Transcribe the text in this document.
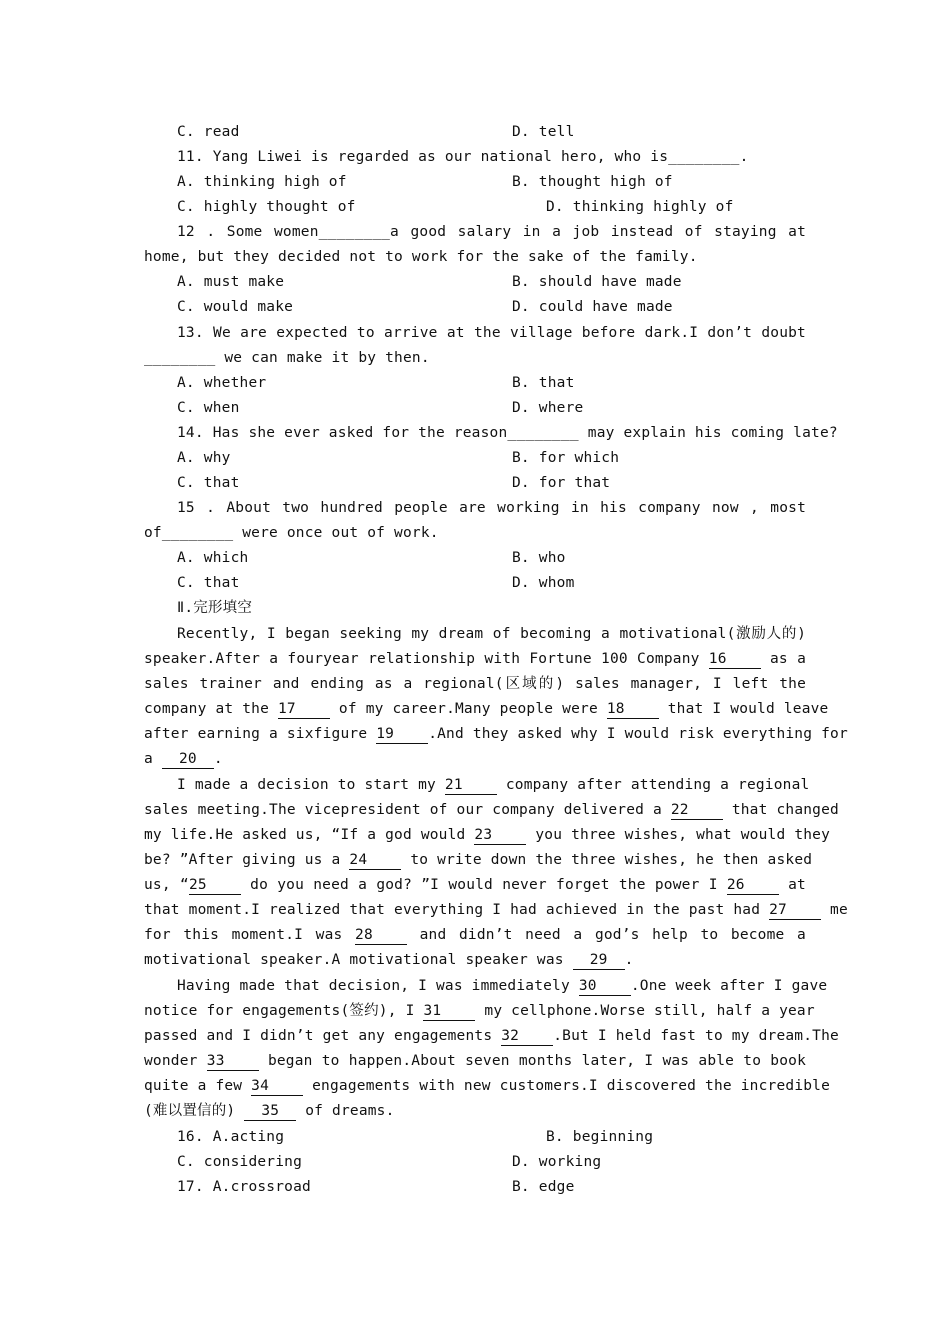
C. read	D. tell
11. Yang Liwei is regarded as our national hero, who is________.
A. thinking high of	B. thought high of
C. highly thought of	D. thinking highly of
12 . Some women________a good salary in a job instead of staying at
home, but they decided not to work for the sake of the family.
A. must make	B. should have made
C. would make	D. could have made
13. We are expected to arrive at the village before dark.I don’t doubt
________ we can make it by then.
A. whether	B. that
C. when	D. where
14. Has she ever asked for the reason________ may explain his coming late?
A. why	B. for which
C. that	D. for that
15 . About two hundred people are working in his company now , most
of________ were once out of work.
A. which	B. who
C. that	D. whom
Ⅱ.完形填空
Recently, I began seeking my dream of becoming a motivational(激励人的)
speaker.After a fouryear relationship with Fortune 100 Company 16	as a
sales trainer and ending as a regional(区域的) sales manager, I left the
company at the 17	of my career.Many people were 18	that I would leave
after earning a sixfigure 19 .And they asked why I would risk everything for
a 20 .
I made a decision to start my 21	company after attending a regional
sales meeting.The vicepresident of our company delivered a 22	that changed
my life.He asked us, “If a god would 23	you three wishes, what would they
be? ”After giving us a 24	to write down the three wishes, he then asked
us, “25	do you need a god? ”I would never forget the power I 26	at
that moment.I realized that everything I had achieved in the past had 27	me
for this moment.I was 28	and didn’t need a god’s help to become a
motivational speaker.A motivational speaker was 29 .
Having made that decision, I was immediately 30 .One week after I gave
notice for engagements(签约), I 31	my cellphone.Worse still, half a year
passed and I didn’t get any engagements 32 .But I held fast to my dream.The
wonder 33	began to happen.About seven months later, I was able to book
quite a few 34	engagements with new customers.I discovered the incredible
(难以置信的) 35 of dreams.
16. A.acting	B. beginning
C. considering	D. working
17. A.crossroad	B. edge
